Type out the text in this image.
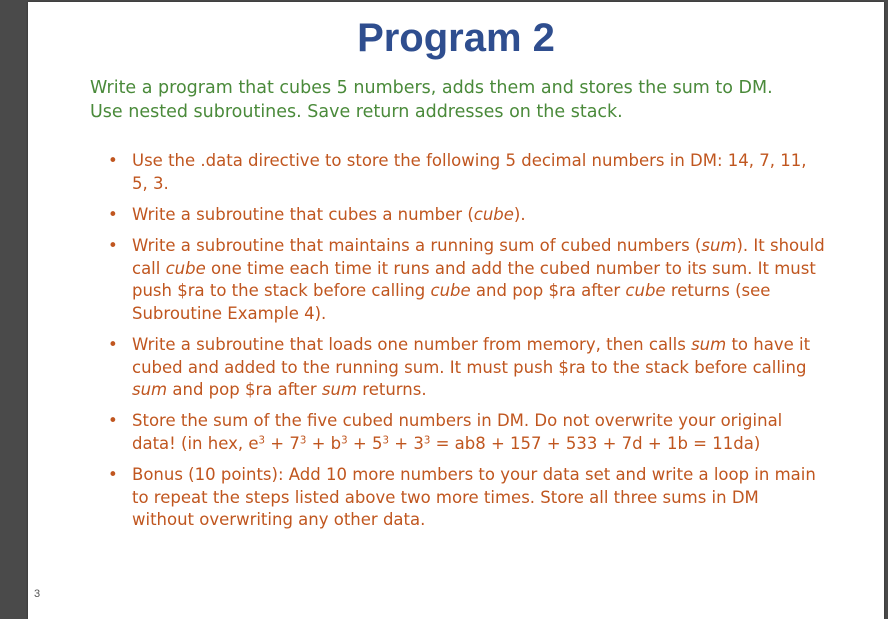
Program 2
Write a program that cubes 5 numbers, adds them and stores the sum to DM. Use nested subroutines. Save return addresses on the stack.
• Use the .data directive to store the following 5 decimal numbers in DM: 14, 7, 11, 5, 3.
• Write a subroutine that cubes a number (cube).
• Write a subroutine that maintains a running sum of cubed numbers (sum). It should call cube one time each time it runs and add the cubed number to its sum. It must push $ra to the stack before calling cube and pop $ra after cube returns (see Subroutine Example 4).
• Write a subroutine that loads one number from memory, then calls sum to have it cubed and added to the running sum. It must push $ra to the stack before calling sum and pop $ra after sum returns.
• Store the sum of the five cubed numbers in DM. Do not overwrite your original data! (in hex, $e^3 + 7^3 + b^3 + 5^3 + 3^3 = ab8 + 157 + 533 + 7d + 1b = 11da$)
• Bonus (10 points): Add 10 more numbers to your data set and write a loop in main to repeat the steps listed above two more times. Store all three sums in DM without overwriting any other data.
3
